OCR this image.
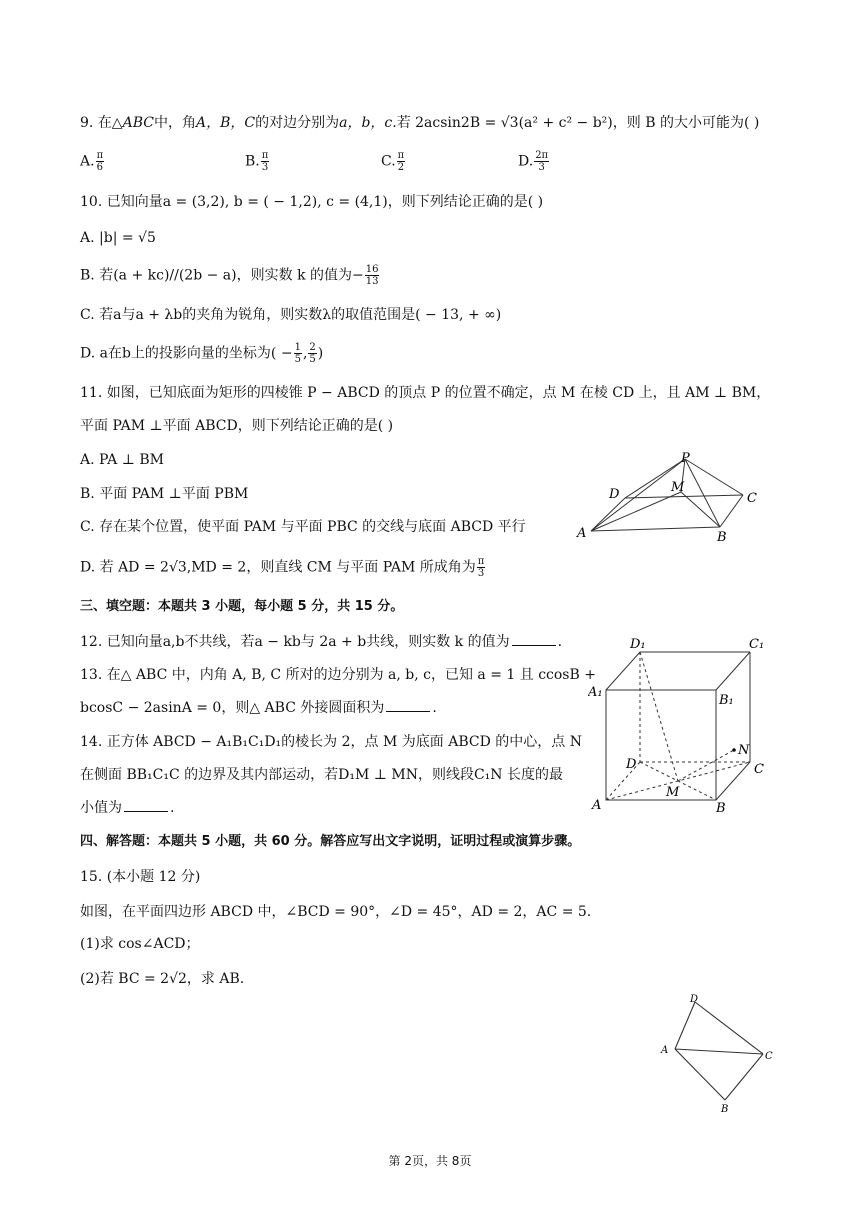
9. 在△ABC中，角A，B，C的对边分别为a，b，c.若 2acsin2B = √3(a² + c² − b²)，则 B 的大小可能为( )
A. $\frac{\pi}{6}$	B. $\frac{\pi}{3}$	C. $\frac{\pi}{2}$	D. $\frac{2\pi}{3}$
10. 已知向量a = (3,2), b = ( − 1,2), c = (4,1)，则下列结论正确的是( )
A. |b| = √5
B. 若(a + kc)//(2b − a)，则实数 k 的值为− $\frac{16}{13}$
C. 若a与a + λb的夹角为锐角，则实数λ的取值范围是( − 13, + ∞)
D. a在b上的投影向量的坐标为( − $\frac{1}{5}$ , $\frac{2}{5}$ )
11. 如图，已知底面为矩形的四棱锥 P − ABCD 的顶点 P 的位置不确定，点 M 在棱 CD 上，且 AM ⊥ BM，
平面 PAM ⊥平面 ABCD，则下列结论正确的是( )
A. PA ⊥ BM
B. 平面 PAM ⊥平面 PBM
C. 存在某个位置，使平面 PAM 与平面 PBC 的交线与底面 ABCD 平行
D. 若 AD = 2√3,MD = 2，则直线 CM 与平面 PAM 所成角为 $\frac{\pi}{3}$
P
M
D	C
A	B
三、填空题：本题共 3 小题，每小题 5 分，共 15 分。
12. 已知向量a,b不共线，若a − kb与 2a + b共线，则实数 k 的值为	.
13. 在△ ABC 中，内角 A, B, C 所对的边分别为 a, b, c，已知 a = 1 且 ccosB +
bcosC − 2asinA = 0，则△ ABC 外接圆面积为	.
14. 正方体 ABCD − A₁B₁C₁D₁的棱长为 2，点 M 为底面 ABCD 的中心，点 N
在侧面 BB₁C₁C 的边界及其内部运动，若D₁M ⊥ MN，则线段C₁N 长度的最
小值为	.
D₁	C₁
A₁
B₁
D	C
N
M
A	B
四、解答题：本题共 5 小题，共 60 分。解答应写出文字说明，证明过程或演算步骤。
15. (本小题 12 分)
如图，在平面四边形 ABCD 中，∠BCD = 90°，∠D = 45°，AD = 2，AC = 5.
(1)求 cos∠ACD；
(2)若 BC = 2√2，求 AB.
D
A
C
B
第 2页，共 8页
